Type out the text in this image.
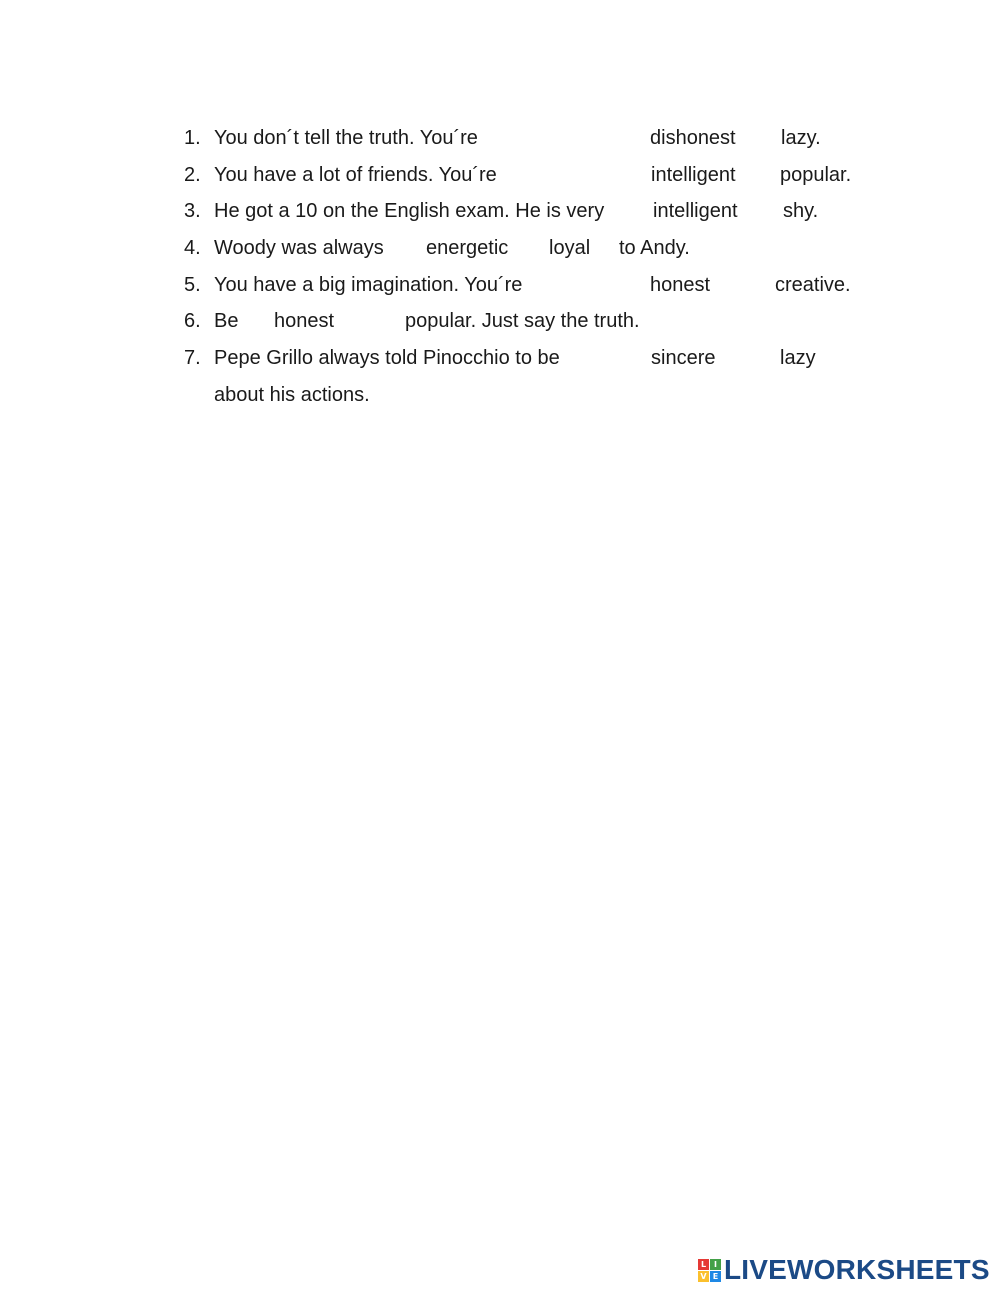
1. You don´t tell the truth. You´re	dishonest lazy.
2. You have a lot of friends. You´re	intelligent popular.
3. He got a 10 on the English exam. He is very intelligent shy.
4. Woody was always energetic loyal to Andy.
5. You have a big imagination. You´re	honest	creative.
6. Be honest	popular. Just say the truth.
7. Pepe Grillo always told Pinocchio to be	sincere	lazy
about his actions.
L I
V E LIVEWORKSHEETS
